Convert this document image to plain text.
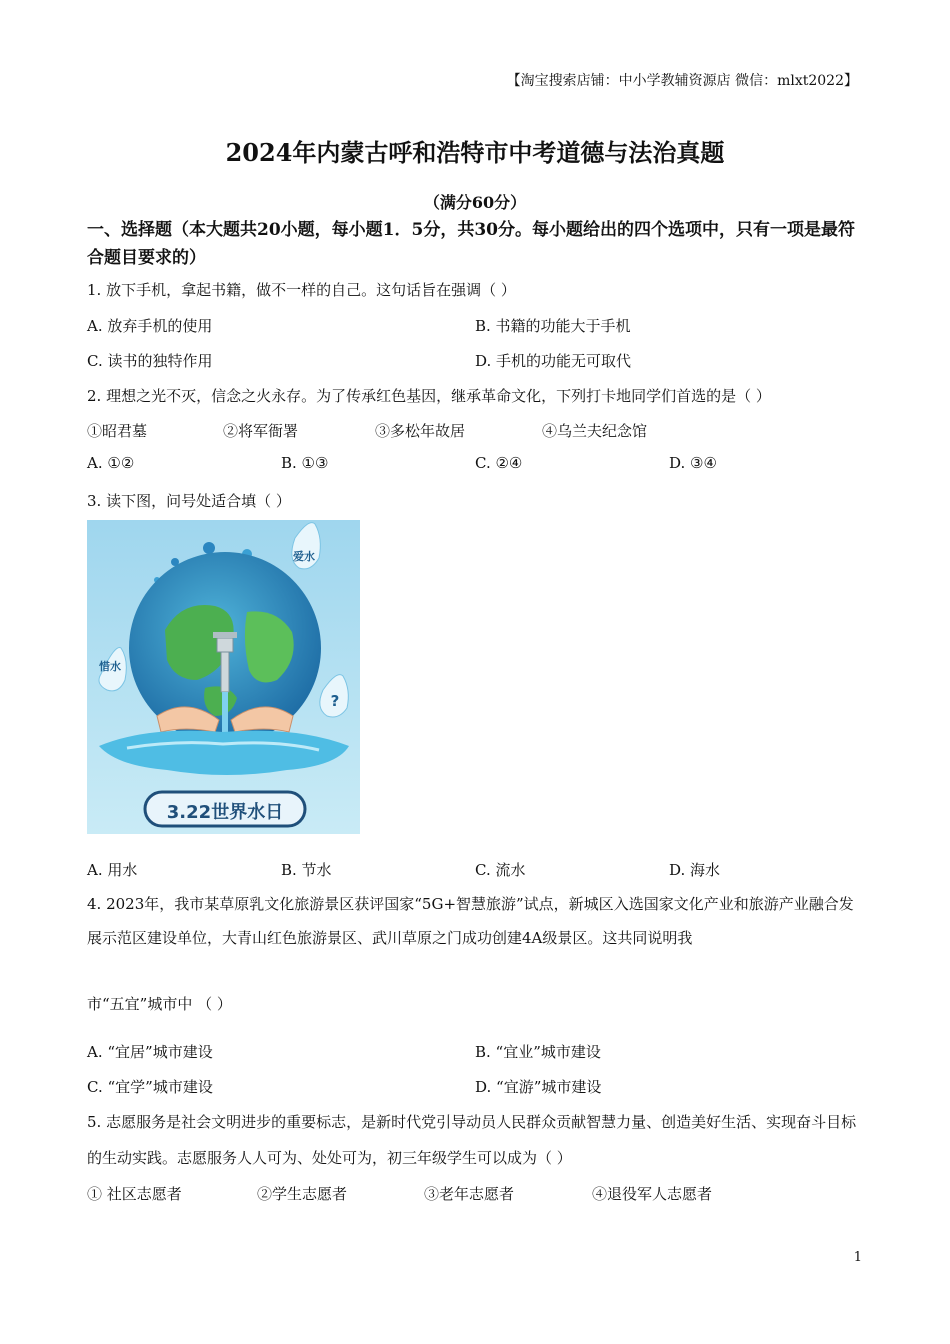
【淘宝搜索店铺：中小学教辅资源店 微信：mlxt2022】
2024年内蒙古呼和浩特市中考道德与法治真题
（满分60分）
一、选择题（本大题共20小题，每小题1．5分，共30分。每小题给出的四个选项中，只有一项是最符合题目要求的）
1. 放下手机，拿起书籍，做不一样的自己。这句话旨在强调（ ）
A. 放弃手机的使用	B. 书籍的功能大于手机
C. 读书的独特作用	D. 手机的功能无可取代
2. 理想之光不灭，信念之火永存。为了传承红色基因，继承革命文化，下列打卡地同学们首选的是（ ）
①昭君墓	②将军衙署	③多松年故居	④乌兰夫纪念馆
A. ①②	B. ①③	C. ②④	D. ③④
3. 读下图，问号处适合填（ ）
惜水
爱水
?
3.22世界水日
A. 用水	B. 节水	C. 流水	D. 海水
4. 2023年，我市某草原乳文化旅游景区获评国家“5G+智慧旅游”试点，新城区入选国家文化产业和旅游产业融合发展示范区建设单位，大青山红色旅游景区、武川草原之门成功创建4A级景区。这共同说明我
市“五宜”城市中 （ ）
A. “宜居”城市建设	B. “宜业”城市建设
C. “宜学”城市建设	D. “宜游”城市建设
5. 志愿服务是社会文明进步的重要标志，是新时代党引导动员人民群众贡献智慧力量、创造美好生活、实现奋斗目标的生动实践。志愿服务人人可为、处处可为，初三年级学生可以成为（ ）
① 社区志愿者	②学生志愿者	③老年志愿者	④退役军人志愿者
1
